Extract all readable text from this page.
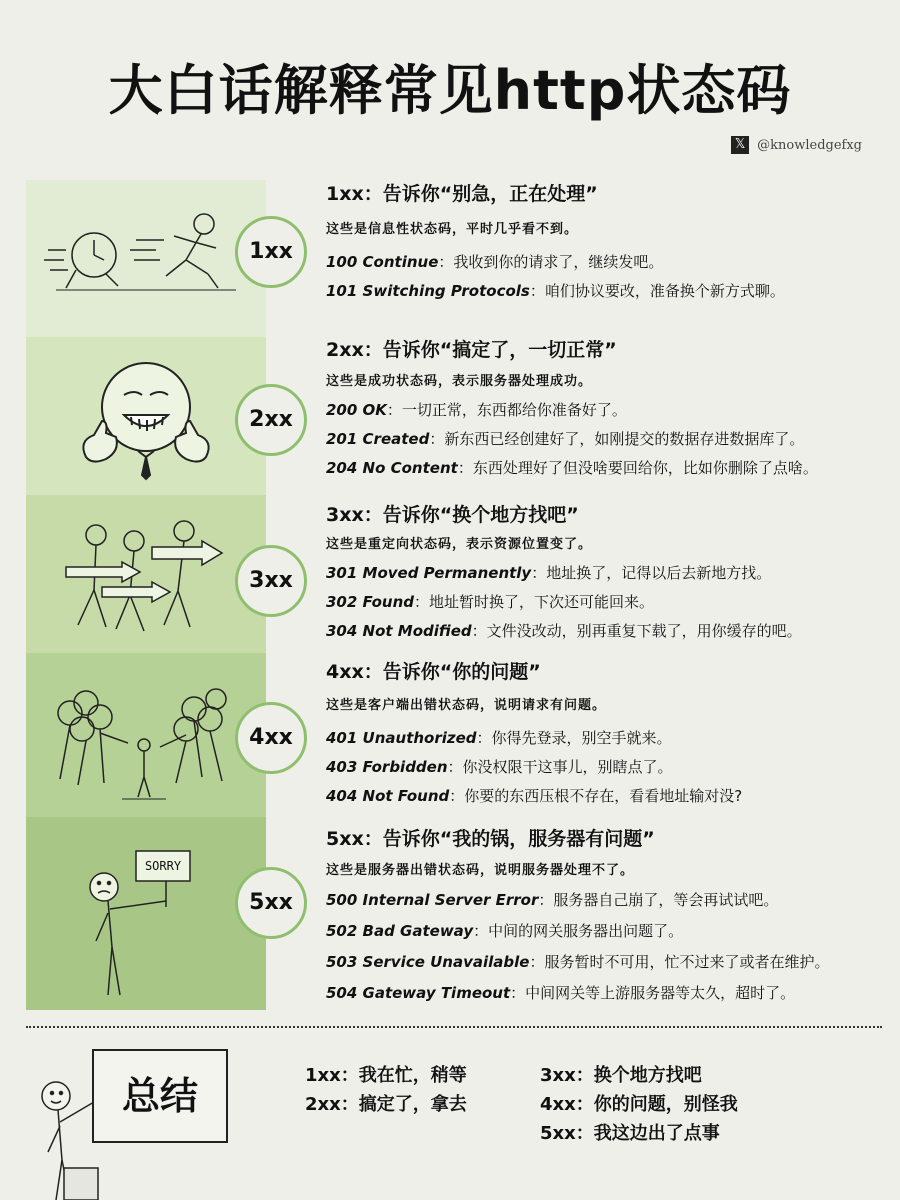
大白话解释常见http状态码
𝕏 @knowledgefxg
1xx
2xx
3xx
4xx
SORRY
5xx
1xx：告诉你“别急，正在处理”
这些是信息性状态码，平时几乎看不到。
100 Continue：我收到你的请求了，继续发吧。
101 Switching Protocols：咱们协议要改，准备换个新方式聊。
2xx：告诉你“搞定了，一切正常”
这些是成功状态码，表示服务器处理成功。
200 OK：一切正常，东西都给你准备好了。
201 Created：新东西已经创建好了，如刚提交的数据存进数据库了。
204 No Content：东西处理好了但没啥要回给你，比如你删除了点啥。
3xx：告诉你“换个地方找吧”
这些是重定向状态码，表示资源位置变了。
301 Moved Permanently：地址换了，记得以后去新地方找。
302 Found：地址暂时换了，下次还可能回来。
304 Not Modified：文件没改动，别再重复下载了，用你缓存的吧。
4xx：告诉你“你的问题”
这些是客户端出错状态码，说明请求有问题。
401 Unauthorized：你得先登录，别空手就来。
403 Forbidden：你没权限干这事儿，别瞎点了。
404 Not Found：你要的东西压根不存在，看看地址输对没?
5xx：告诉你“我的锅，服务器有问题”
这些是服务器出错状态码，说明服务器处理不了。
500 Internal Server Error：服务器自己崩了，等会再试试吧。
502 Bad Gateway：中间的网关服务器出问题了。
503 Service Unavailable：服务暂时不可用，忙不过来了或者在维护。
504 Gateway Timeout：中间网关等上游服务器等太久，超时了。
总结	1xx：我在忙，稍等
2xx：搞定了，拿去
3xx：换个地方找吧
4xx：你的问题，别怪我
5xx：我这边出了点事
